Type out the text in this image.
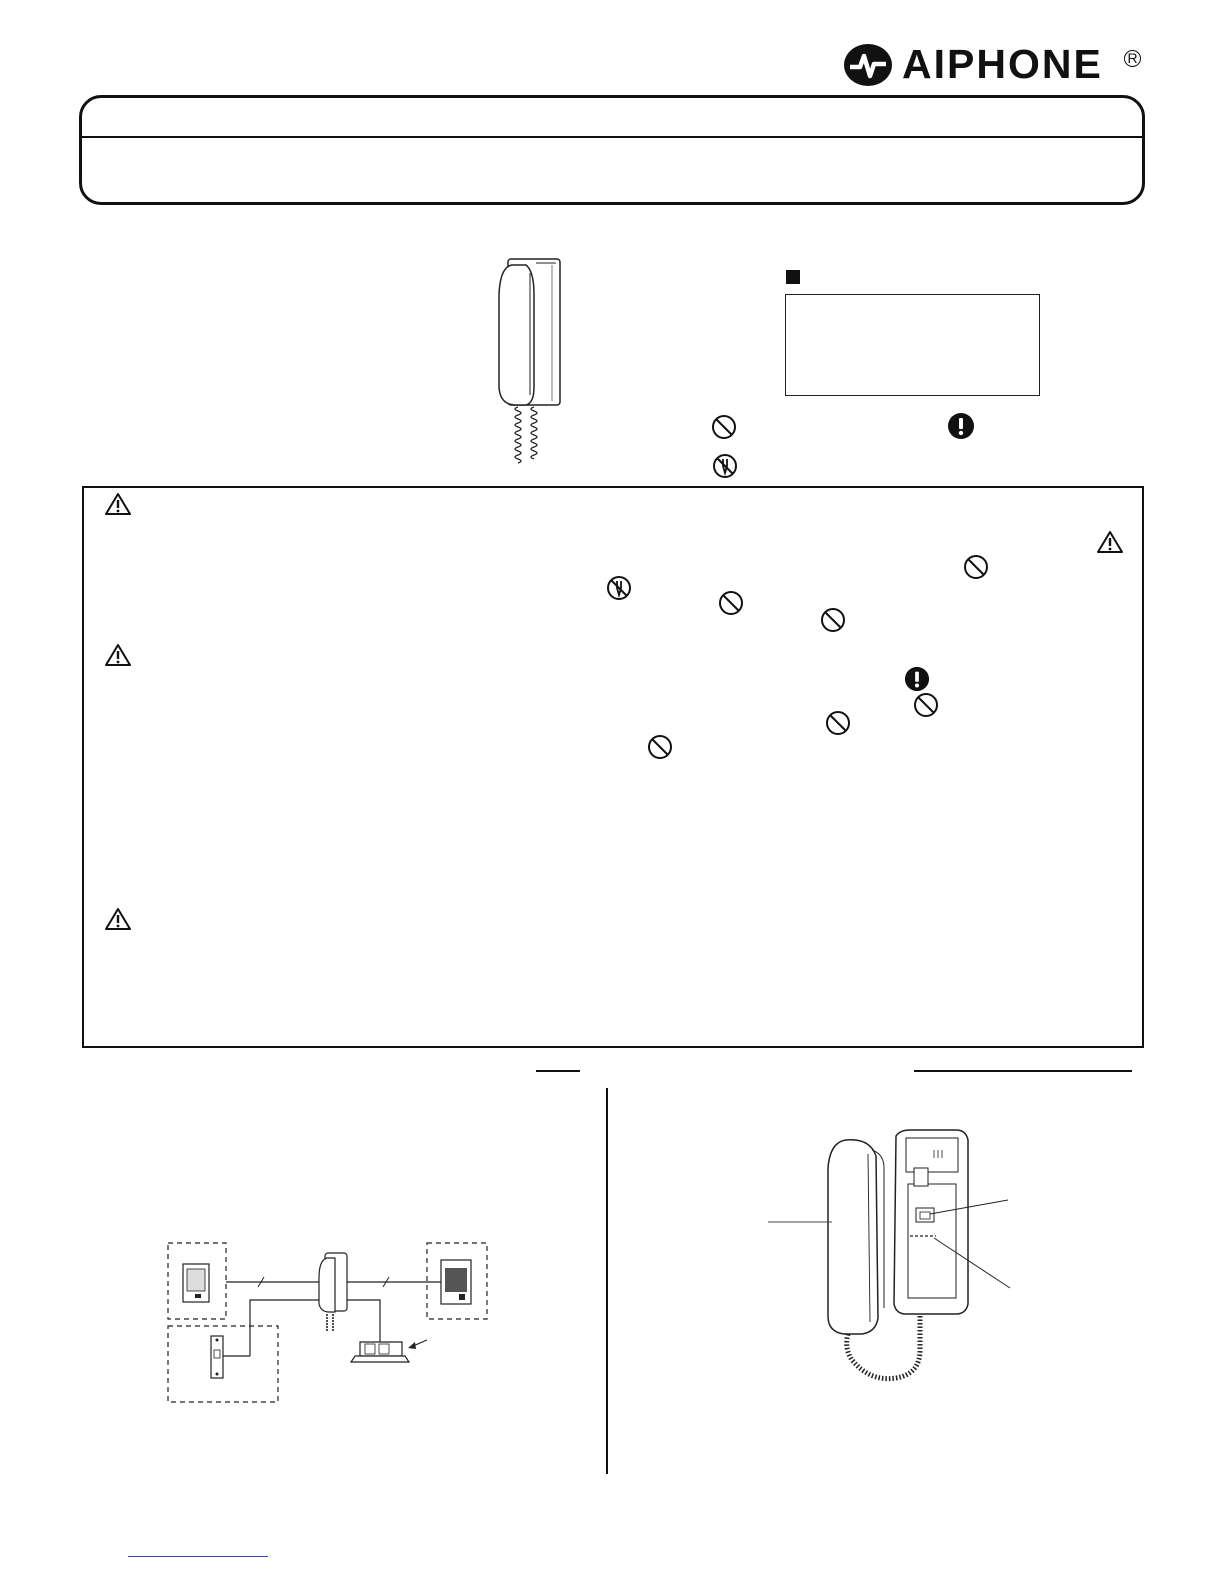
AIPHONE R
